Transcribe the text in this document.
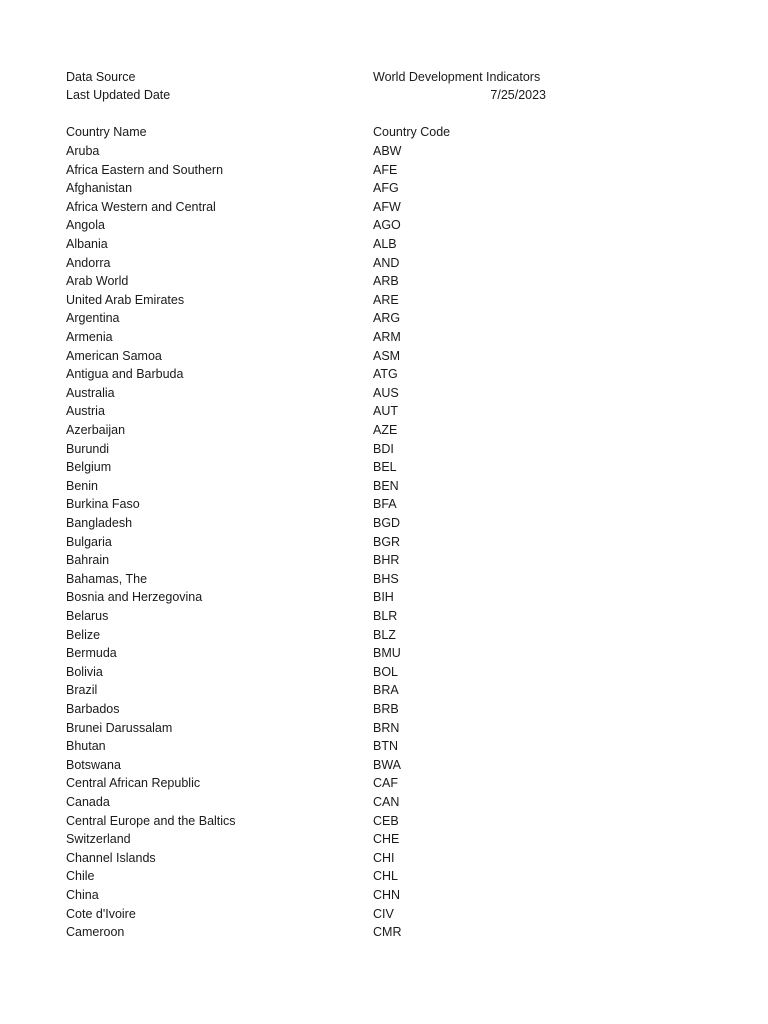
Data Source	World Development Indicators
Last Updated Date	7/25/2023
Country Name	Country Code
Aruba	ABW
Africa Eastern and Southern	AFE
Afghanistan	AFG
Africa Western and Central	AFW
Angola	AGO
Albania	ALB
Andorra	AND
Arab World	ARB
United Arab Emirates	ARE
Argentina	ARG
Armenia	ARM
American Samoa	ASM
Antigua and Barbuda	ATG
Australia	AUS
Austria	AUT
Azerbaijan	AZE
Burundi	BDI
Belgium	BEL
Benin	BEN
Burkina Faso	BFA
Bangladesh	BGD
Bulgaria	BGR
Bahrain	BHR
Bahamas, The	BHS
Bosnia and Herzegovina	BIH
Belarus	BLR
Belize	BLZ
Bermuda	BMU
Bolivia	BOL
Brazil	BRA
Barbados	BRB
Brunei Darussalam	BRN
Bhutan	BTN
Botswana	BWA
Central African Republic	CAF
Canada	CAN
Central Europe and the Baltics	CEB
Switzerland	CHE
Channel Islands	CHI
Chile	CHL
China	CHN
Cote d'Ivoire	CIV
Cameroon	CMR
